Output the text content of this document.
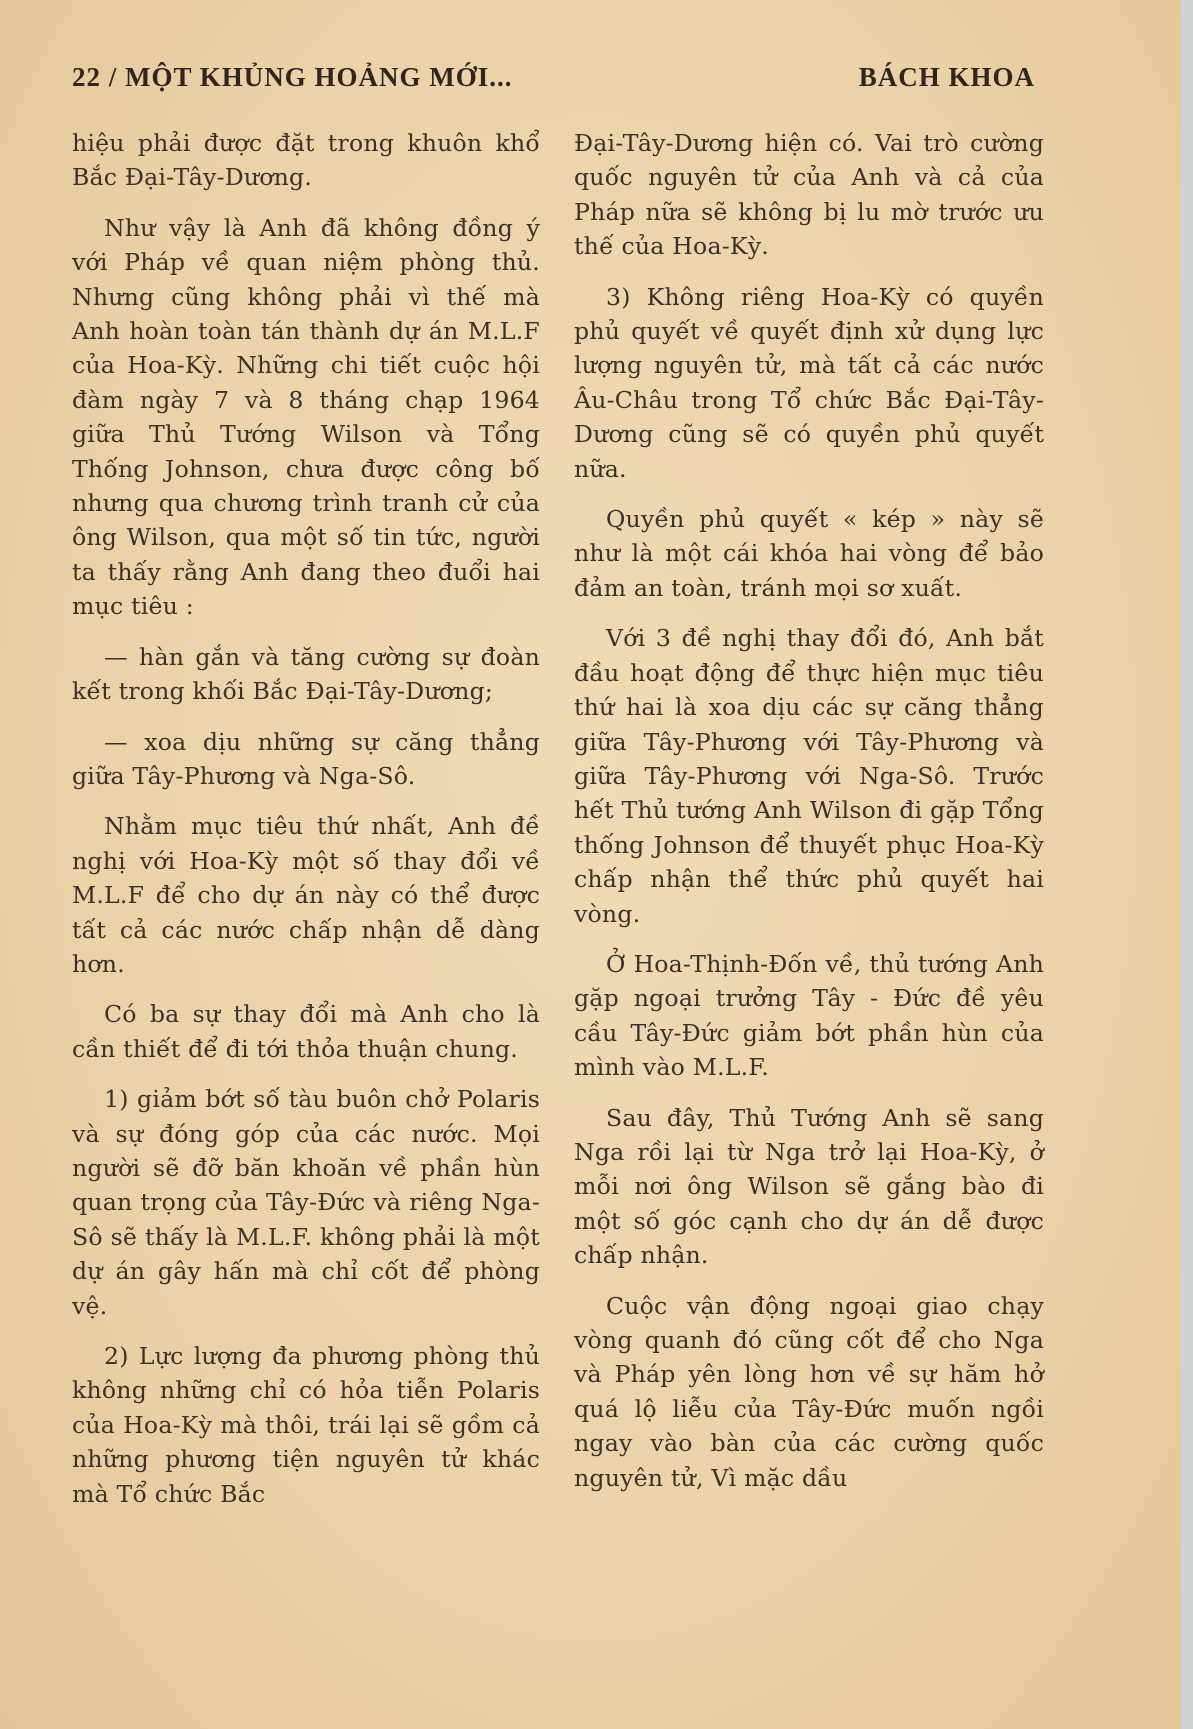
22 / MỘT KHỦNG HOẢNG MỚI...	BÁCH KHOA

hiệu phải được đặt trong khuôn khổ Bắc Đại-Tây-Dương.

Như vậy là Anh đã không đồng ý với Pháp về quan niệm phòng thủ. Nhưng cũng không phải vì thế mà Anh hoàn toàn tán thành dự án M.L.F của Hoa-Kỳ. Những chi tiết cuộc hội đàm ngày 7 và 8 tháng chạp 1964 giữa Thủ Tướng Wilson và Tổng Thống Johnson, chưa được công bố nhưng qua chương trình tranh cử của ông Wilson, qua một số tin tức, người ta thấy rằng Anh đang theo đuổi hai mục tiêu :

— hàn gắn và tăng cường sự đoàn kết trong khối Bắc Đại-Tây-Dương;

— xoa dịu những sự căng thẳng giữa Tây-Phương và Nga-Sô.

Nhằm mục tiêu thứ nhất, Anh đề nghị với Hoa-Kỳ một số thay đổi về M.L.F để cho dự án này có thể được tất cả các nước chấp nhận dễ dàng hơn.

Có ba sự thay đổi mà Anh cho là cần thiết để đi tới thỏa thuận chung.

1) giảm bớt số tàu buôn chở Polaris và sự đóng góp của các nước. Mọi người sẽ đỡ băn khoăn về phần hùn quan trọng của Tây-Đức và riêng Nga-Sô sẽ thấy là M.L.F. không phải là một dự án gây hấn mà chỉ cốt để phòng vệ.

2) Lực lượng đa phương phòng thủ không những chỉ có hỏa tiễn Polaris của Hoa-Kỳ mà thôi, trái lại sẽ gồm cả những phương tiện nguyên tử khác mà Tổ chức Bắc

Đại-Tây-Dương hiện có. Vai trò cường quốc nguyên tử của Anh và cả của Pháp nữa sẽ không bị lu mờ trước ưu thế của Hoa-Kỳ.

3) Không riêng Hoa-Kỳ có quyền phủ quyết về quyết định xử dụng lực lượng nguyên tử, mà tất cả các nước Âu-Châu trong Tổ chức Bắc Đại-Tây-Dương cũng sẽ có quyền phủ quyết nữa.

Quyền phủ quyết « kép » này sẽ như là một cái khóa hai vòng để bảo đảm an toàn, tránh mọi sơ xuất.

Với 3 đề nghị thay đổi đó, Anh bắt đầu hoạt động để thực hiện mục tiêu thứ hai là xoa dịu các sự căng thẳng giữa Tây-Phương với Tây-Phương và giữa Tây-Phương với Nga-Sô. Trước hết Thủ tướng Anh Wilson đi gặp Tổng thống Johnson để thuyết phục Hoa-Kỳ chấp nhận thể thức phủ quyết hai vòng.

Ở Hoa-Thịnh-Đốn về, thủ tướng Anh gặp ngoại trưởng Tây - Đức đề yêu cầu Tây-Đức giảm bớt phần hùn của mình vào M.L.F.

Sau đây, Thủ Tướng Anh sẽ sang Nga rồi lại từ Nga trở lại Hoa-Kỳ, ở mỗi nơi ông Wilson sẽ gắng bào đi một số góc cạnh cho dự án dễ được chấp nhận.

Cuộc vận động ngoại giao chạy vòng quanh đó cũng cốt để cho Nga và Pháp yên lòng hơn về sự hăm hở quá lộ liễu của Tây-Đức muốn ngồi ngay vào bàn của các cường quốc nguyên tử, Vì mặc dầu
